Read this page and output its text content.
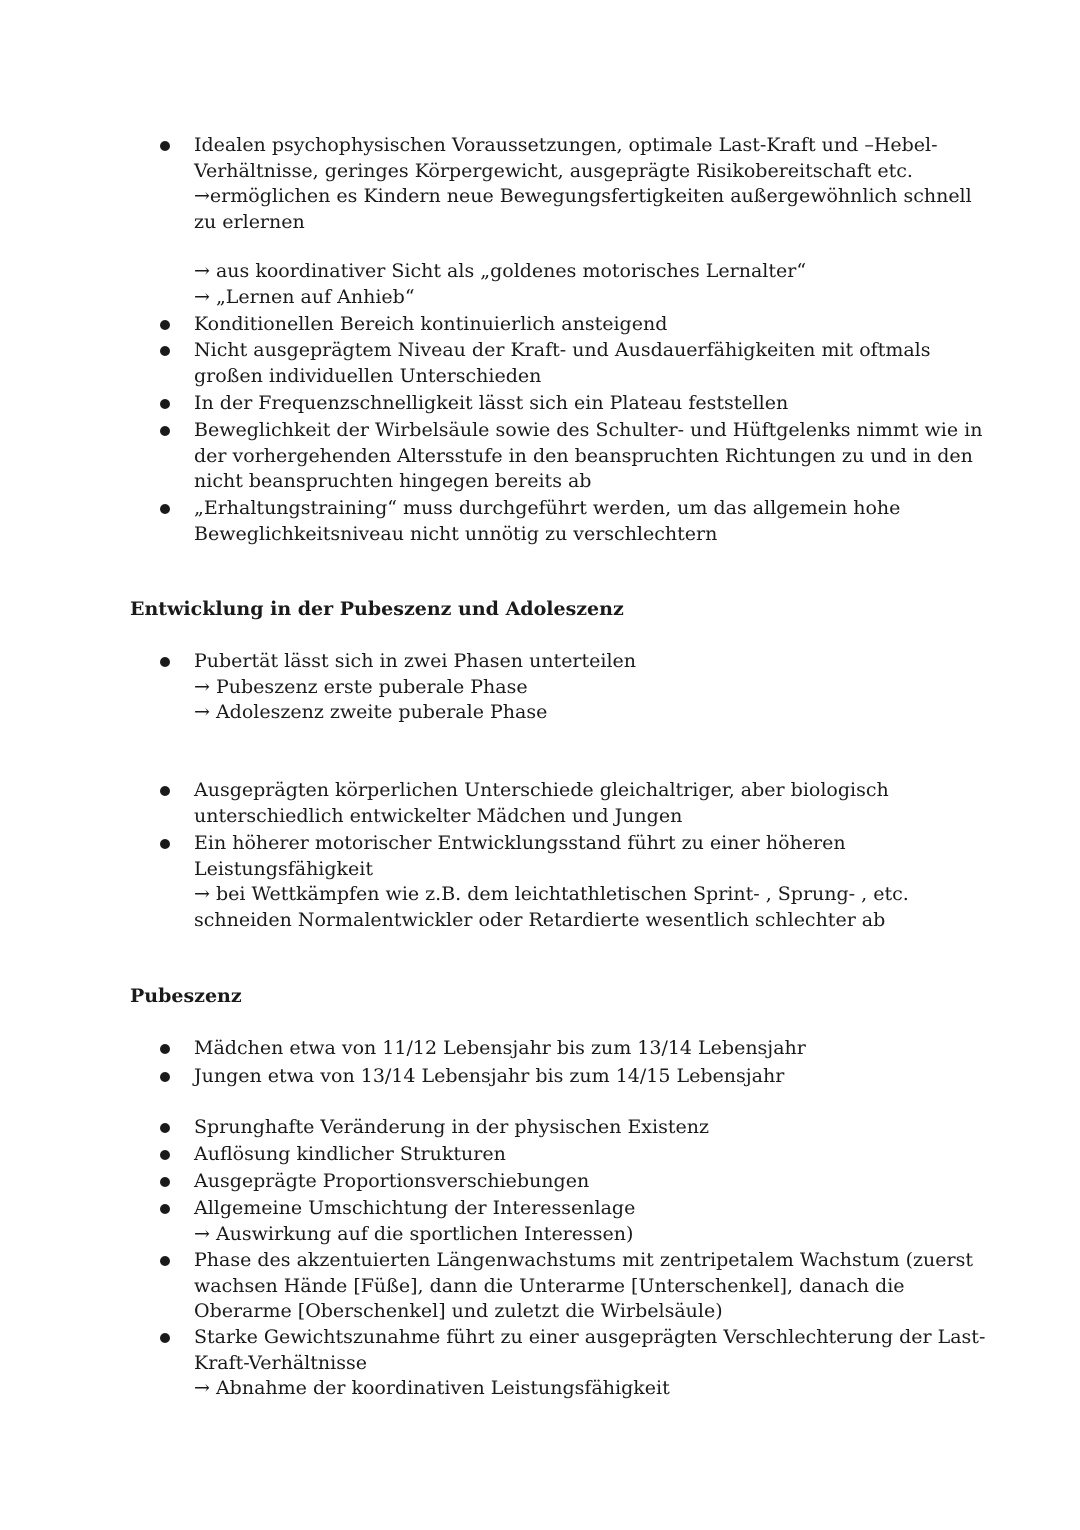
Idealen psychophysischen Voraussetzungen, optimale Last-Kraft und –Hebel-
Verhältnisse, geringes Körpergewicht, ausgeprägte Risikobereitschaft etc.
→ermöglichen es Kindern neue Bewegungsfertigkeiten außergewöhnlich schnell
zu erlernen
→ aus koordinativer Sicht als „goldenes motorisches Lernalter“
→ „Lernen auf Anhieb“
Konditionellen Bereich kontinuierlich ansteigend
Nicht ausgeprägtem Niveau der Kraft- und Ausdauerfähigkeiten mit oftmals
großen individuellen Unterschieden
In der Frequenzschnelligkeit lässt sich ein Plateau feststellen
Beweglichkeit der Wirbelsäule sowie des Schulter- und Hüftgelenks nimmt wie in
der vorhergehenden Altersstufe in den beanspruchten Richtungen zu und in den
nicht beanspruchten hingegen bereits ab
„Erhaltungstraining“ muss durchgeführt werden, um das allgemein hohe
Beweglichkeitsniveau nicht unnötig zu verschlechtern
Entwicklung in der Pubeszenz und Adoleszenz
Pubertät lässt sich in zwei Phasen unterteilen
→ Pubeszenz erste puberale Phase
→ Adoleszenz zweite puberale Phase
Ausgeprägten körperlichen Unterschiede gleichaltriger, aber biologisch
unterschiedlich entwickelter Mädchen und Jungen
Ein höherer motorischer Entwicklungsstand führt zu einer höheren
Leistungsfähigkeit
→ bei Wettkämpfen wie z.B. dem leichtathletischen Sprint- , Sprung- , etc.
schneiden Normalentwickler oder Retardierte wesentlich schlechter ab
Pubeszenz
Mädchen etwa von 11/12 Lebensjahr bis zum 13/14 Lebensjahr
Jungen etwa von 13/14 Lebensjahr bis zum 14/15 Lebensjahr
Sprunghafte Veränderung in der physischen Existenz
Auflösung kindlicher Strukturen
Ausgeprägte Proportionsverschiebungen
Allgemeine Umschichtung der Interessenlage
→ Auswirkung auf die sportlichen Interessen)
Phase des akzentuierten Längenwachstums mit zentripetalem Wachstum (zuerst
wachsen Hände [Füße], dann die Unterarme [Unterschenkel], danach die
Oberarme [Oberschenkel] und zuletzt die Wirbelsäule)
Starke Gewichtszunahme führt zu einer ausgeprägten Verschlechterung der Last-
Kraft-Verhältnisse
→ Abnahme der koordinativen Leistungsfähigkeit
